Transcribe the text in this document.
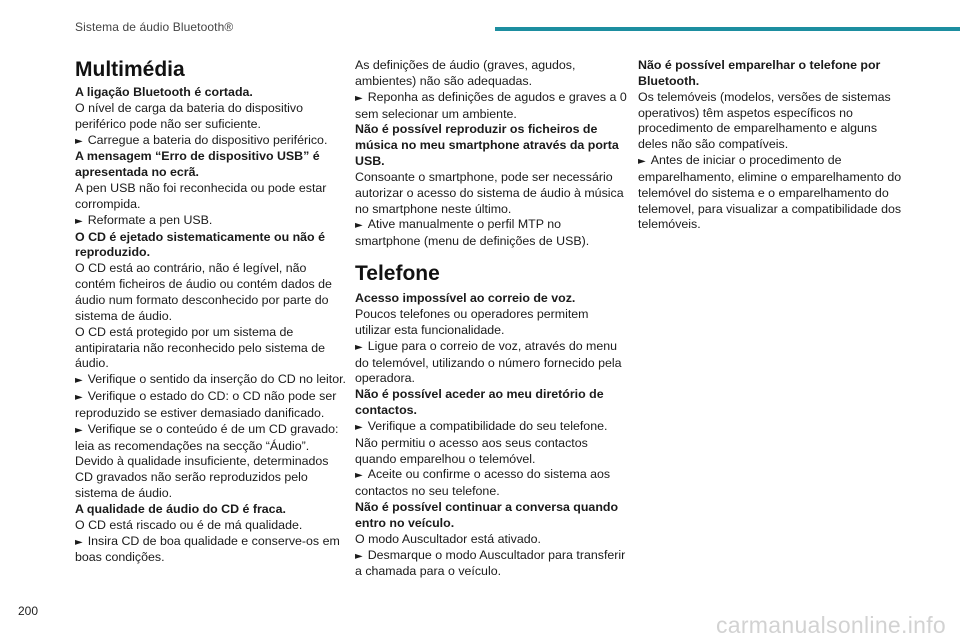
Sistema de áudio Bluetooth®
Multimédia

A ligação Bluetooth é cortada.

O nível de carga da bateria do dispositivo periférico pode não ser suficiente.

► Carregue a bateria do dispositivo periférico.

A mensagem “Erro de dispositivo USB” é apresentada no ecrã.

A pen USB não foi reconhecida ou pode estar corrompida.

► Reformate a pen USB.

O CD é ejetado sistematicamente ou não é reproduzido.

O CD está ao contrário, não é legível, não contém ficheiros de áudio ou contém dados de áudio num formato desconhecido por parte do sistema de áudio.

O CD está protegido por um sistema de antipirataria não reconhecido pelo sistema de áudio.

► Verifique o sentido da inserção do CD no leitor.

► Verifique o estado do CD: o CD não pode ser reproduzido se estiver demasiado danificado.

► Verifique se o conteúdo é de um CD gravado: leia as recomendações na secção “Áudio”.

Devido à qualidade insuficiente, determinados CD gravados não serão reproduzidos pelo sistema de áudio.

A qualidade de áudio do CD é fraca.

O CD está riscado ou é de má qualidade.

► Insira CD de boa qualidade e conserve-os em boas condições.

As definições de áudio (graves, agudos, ambientes) não são adequadas.

► Reponha as definições de agudos e graves a 0 sem selecionar um ambiente.

Não é possível reproduzir os ficheiros de música no meu smartphone através da porta USB.

Consoante o smartphone, pode ser necessário autorizar o acesso do sistema de áudio à música no smartphone neste último.

► Ative manualmente o perfil MTP no smartphone (menu de definições de USB).

Telefone

Acesso impossível ao correio de voz.

Poucos telefones ou operadores permitem utilizar esta funcionalidade.

► Ligue para o correio de voz, através do menu do telemóvel, utilizando o número fornecido pela operadora.

Não é possível aceder ao meu diretório de contactos.

► Verifique a compatibilidade do seu telefone.

Não permitiu o acesso aos seus contactos quando emparelhou o telemóvel.

► Aceite ou confirme o acesso do sistema aos contactos no seu telefone.

Não é possível continuar a conversa quando entro no veículo.

O modo Auscultador está ativado.

► Desmarque o modo Auscultador para transferir a chamada para o veículo.

Não é possível emparelhar o telefone por Bluetooth.

Os telemóveis (modelos, versões de sistemas operativos) têm aspetos específicos no procedimento de emparelhamento e alguns deles não são compatíveis.

► Antes de iniciar o procedimento de emparelhamento, elimine o emparelhamento do telemóvel do sistema e o emparelhamento do telemovel, para visualizar a compatibilidade dos telemóveis.

200
carmanualsonline.info
